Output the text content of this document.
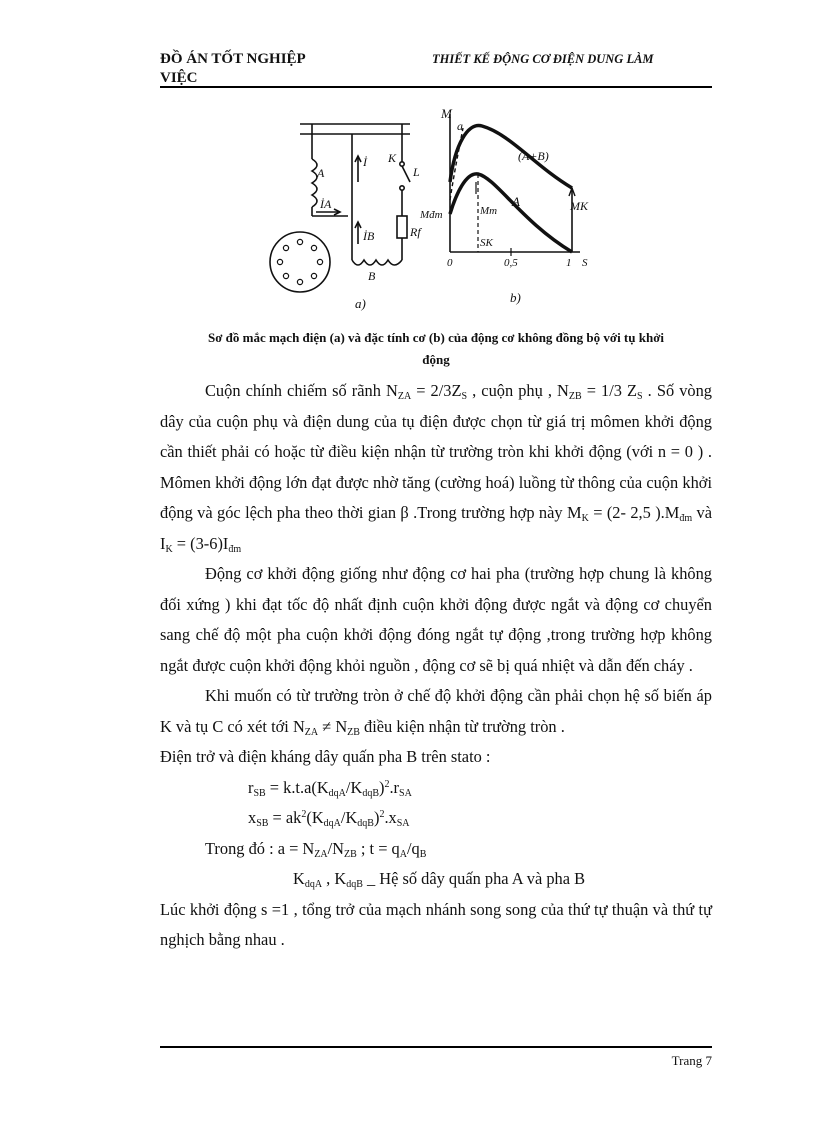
ĐỒ ÁN TỐT NGHIỆP
VIỆC
THIẾT KẾ ĐỘNG CƠ ĐIỆN DUNG LÀM
A
İA
İ
İB
K
L
Rf
B
a)
M
a
(A+B)
A	MK
Mđm	Mm
SK
0	0,5	1 S
b)
Sơ đồ mắc mạch điện (a) và đặc tính cơ (b) của động cơ không đồng bộ với tụ khởi
động

Cuộn chính chiếm số rãnh $N_{ZA} = 2/3Z_S$ , cuộn phụ , $N_{ZB} = 1/3$ $Z_S$ . Số vòng dây của cuộn phụ và điện dung của tụ điện được chọn từ giá trị mômen khởi động cần thiết phải có hoặc từ điều kiện nhận từ trường tròn khi khởi động (với n = 0 ) . Mômen khởi động lớn đạt được nhờ tăng (cường hoá) luồng từ thông của cuộn khởi động và góc lệch pha theo thời gian β .Trong trường hợp này $M_K = (2-$ 2,5 )$.M_{đm}$ và $I_K = (3-6)I_{đm}$

Động cơ khởi động giống như động cơ hai pha (trường hợp chung là không đối xứng ) khi đạt tốc độ nhất định cuộn khởi động được ngắt và động cơ chuyển sang chế độ một pha cuộn khởi động đóng ngắt tự động ,trong trường hợp không ngắt được cuộn khởi động khỏi nguồn , động cơ sẽ bị quá nhiệt và dẫn đến cháy .

Khi muốn có từ trường tròn ở chế độ khởi động cần phải chọn hệ số biến áp K và tụ C có xét tới $N_{ZA} \ne N_{ZB}$ điều kiện nhận từ trường tròn .

Điện trở và điện kháng dây quấn pha B trên stato :

$r_{SB} = k.t.a(K_{dqA}/K_{dqB})^2.r_{SA}$

$x_{SB} = ak^2(K_{dqA}/K_{dqB})^2.x_{SA}$

Trong đó : $a = N_{ZA}/N_{ZB}$ ; $t = q_A/q_B$

$K_{dqA}$ , $K_{dqB}$ _ Hệ số dây quấn pha A và pha B

Lúc khởi động s =1 , tổng trở của mạch nhánh song song của thứ tự thuận và thứ tự nghịch bằng nhau .

Trang 7
